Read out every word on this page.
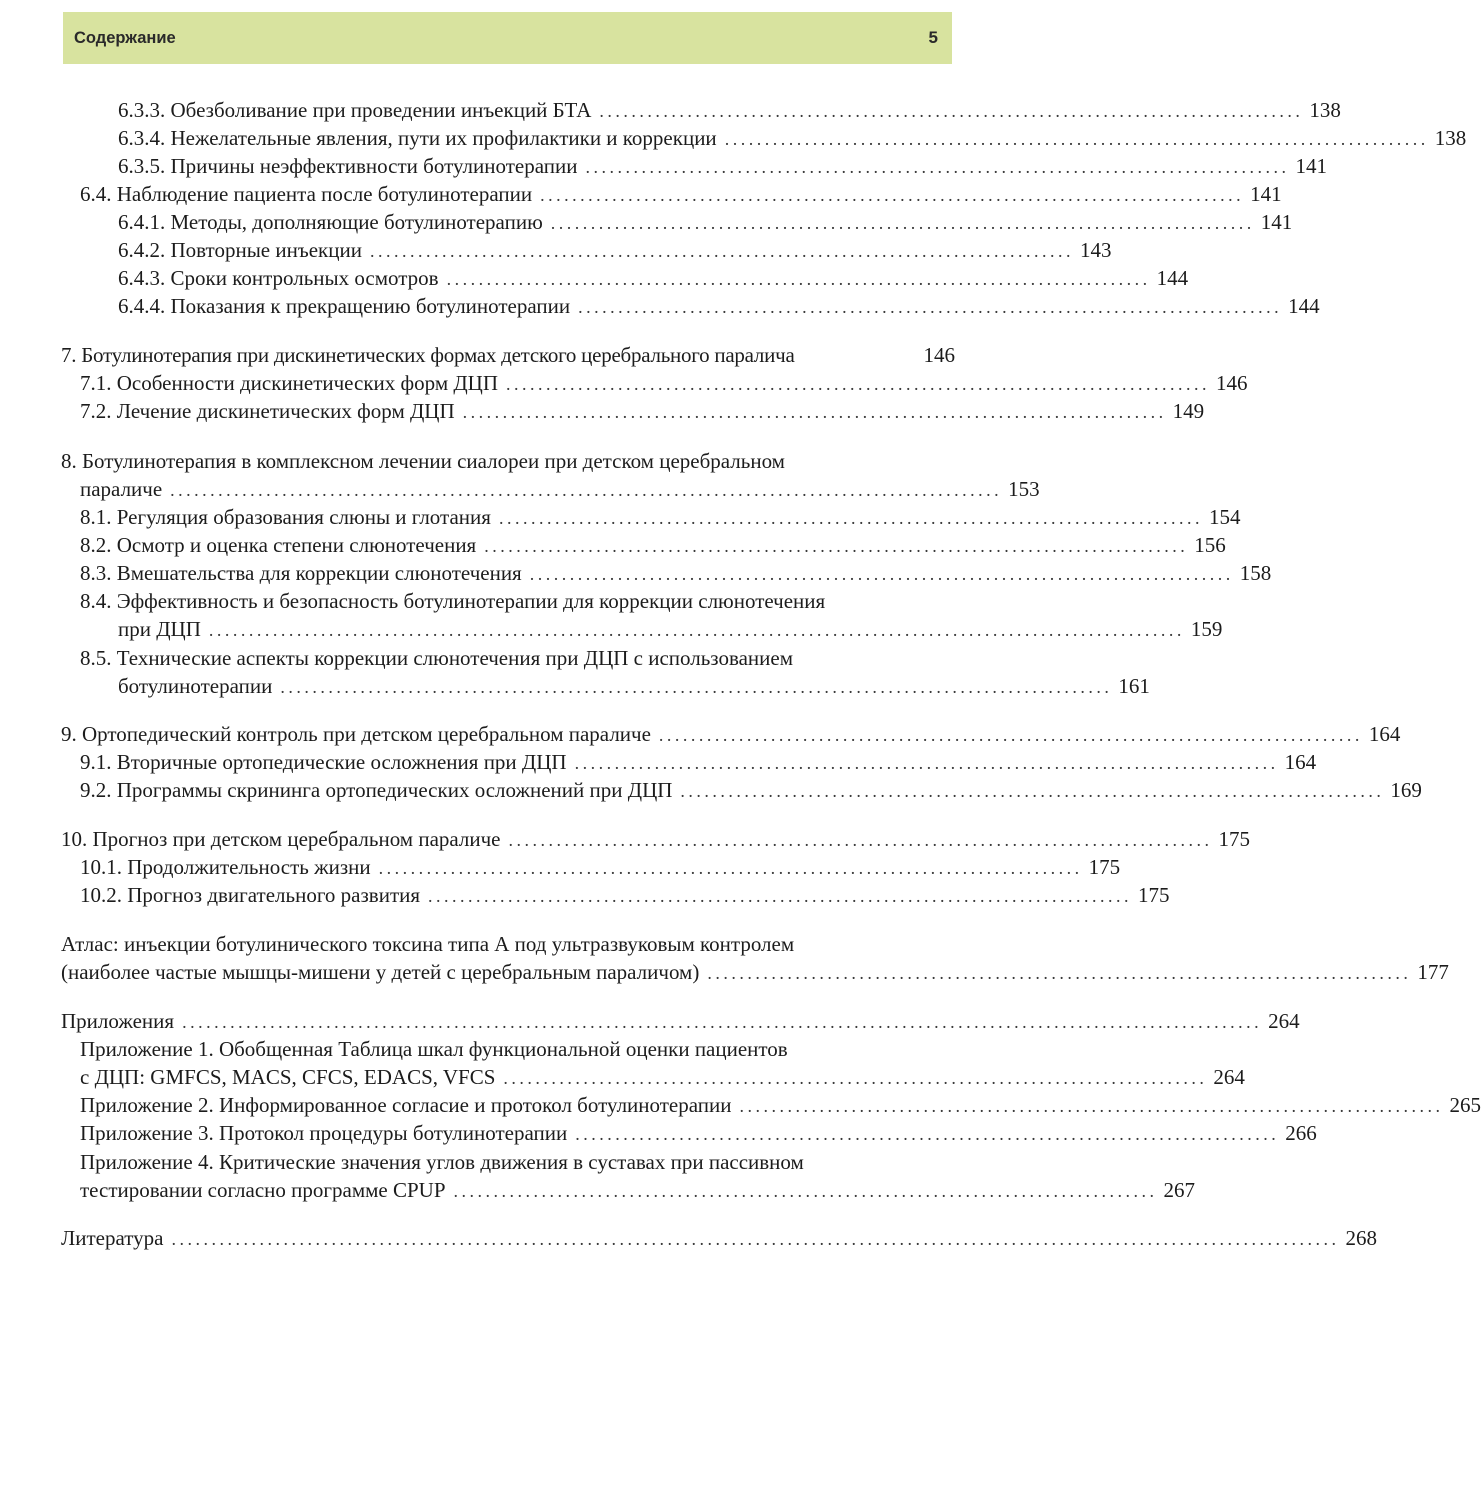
Содержание	5
6.3.3. Обезболивание при проведении инъекций БТА ........................................................................................ 138
6.3.4. Нежелательные явления, пути их профилактики и коррекции ........................................................................................ 138
6.3.5. Причины неэффективности ботулинотерапии ........................................................................................ 141
6.4. Наблюдение пациента после ботулинотерапии ........................................................................................ 141
6.4.1. Методы, дополняющие ботулинотерапию ........................................................................................ 141
6.4.2. Повторные инъекции ........................................................................................ 143
6.4.3. Сроки контрольных осмотров ........................................................................................ 144
6.4.4. Показания к прекращению ботулинотерапии ........................................................................................ 144
7. Ботулинотерапия при дискинетических формах детского церебрального паралича	146
7.1. Особенности дискинетических форм ДЦП ........................................................................................ 146
7.2. Лечение дискинетических форм ДЦП ........................................................................................ 149
8. Ботулинотерапия в комплексном лечении сиалореи при детском церебральном
параличе ........................................................................................................ 153
8.1. Регуляция образования слюны и глотания ........................................................................................ 154
8.2. Осмотр и оценка степени слюнотечения ........................................................................................ 156
8.3. Вмешательства для коррекции слюнотечения ........................................................................................ 158
8.4. Эффективность и безопасность ботулинотерапии для коррекции слюнотечения
при ДЦП .......................................................................................................................... 159
8.5. Технические аспекты коррекции слюнотечения при ДЦП с использованием
ботулинотерапии ........................................................................................................ 161
9. Ортопедический контроль при детском церебральном параличе ........................................................................................ 164
9.1. Вторичные ортопедические осложнения при ДЦП ........................................................................................ 164
9.2. Программы скрининга ортопедических осложнений при ДЦП ........................................................................................ 169
10. Прогноз при детском церебральном параличе ........................................................................................ 175
10.1. Продолжительность жизни ........................................................................................ 175
10.2. Прогноз двигательного развития ........................................................................................ 175
Атлас: инъекции ботулинического токсина типа А под ультразвуковым контролем
(наиболее частые мышцы-мишени у детей с церебральным параличом) ........................................................................................ 177
Приложения ....................................................................................................................................... 264
Приложение 1. Обобщенная Таблица шкал функциональной оценки пациентов
с ДЦП: GMFCS, MACS, CFCS, EDACS, VFCS ........................................................................................ 264
Приложение 2. Информированное согласие и протокол ботулинотерапии ........................................................................................ 265
Приложение 3. Протокол процедуры ботулинотерапии ........................................................................................ 266
Приложение 4. Критические значения углов движения в суставах при пассивном
тестировании согласно программе CPUP ........................................................................................ 267
Литература .................................................................................................................................................. 268
